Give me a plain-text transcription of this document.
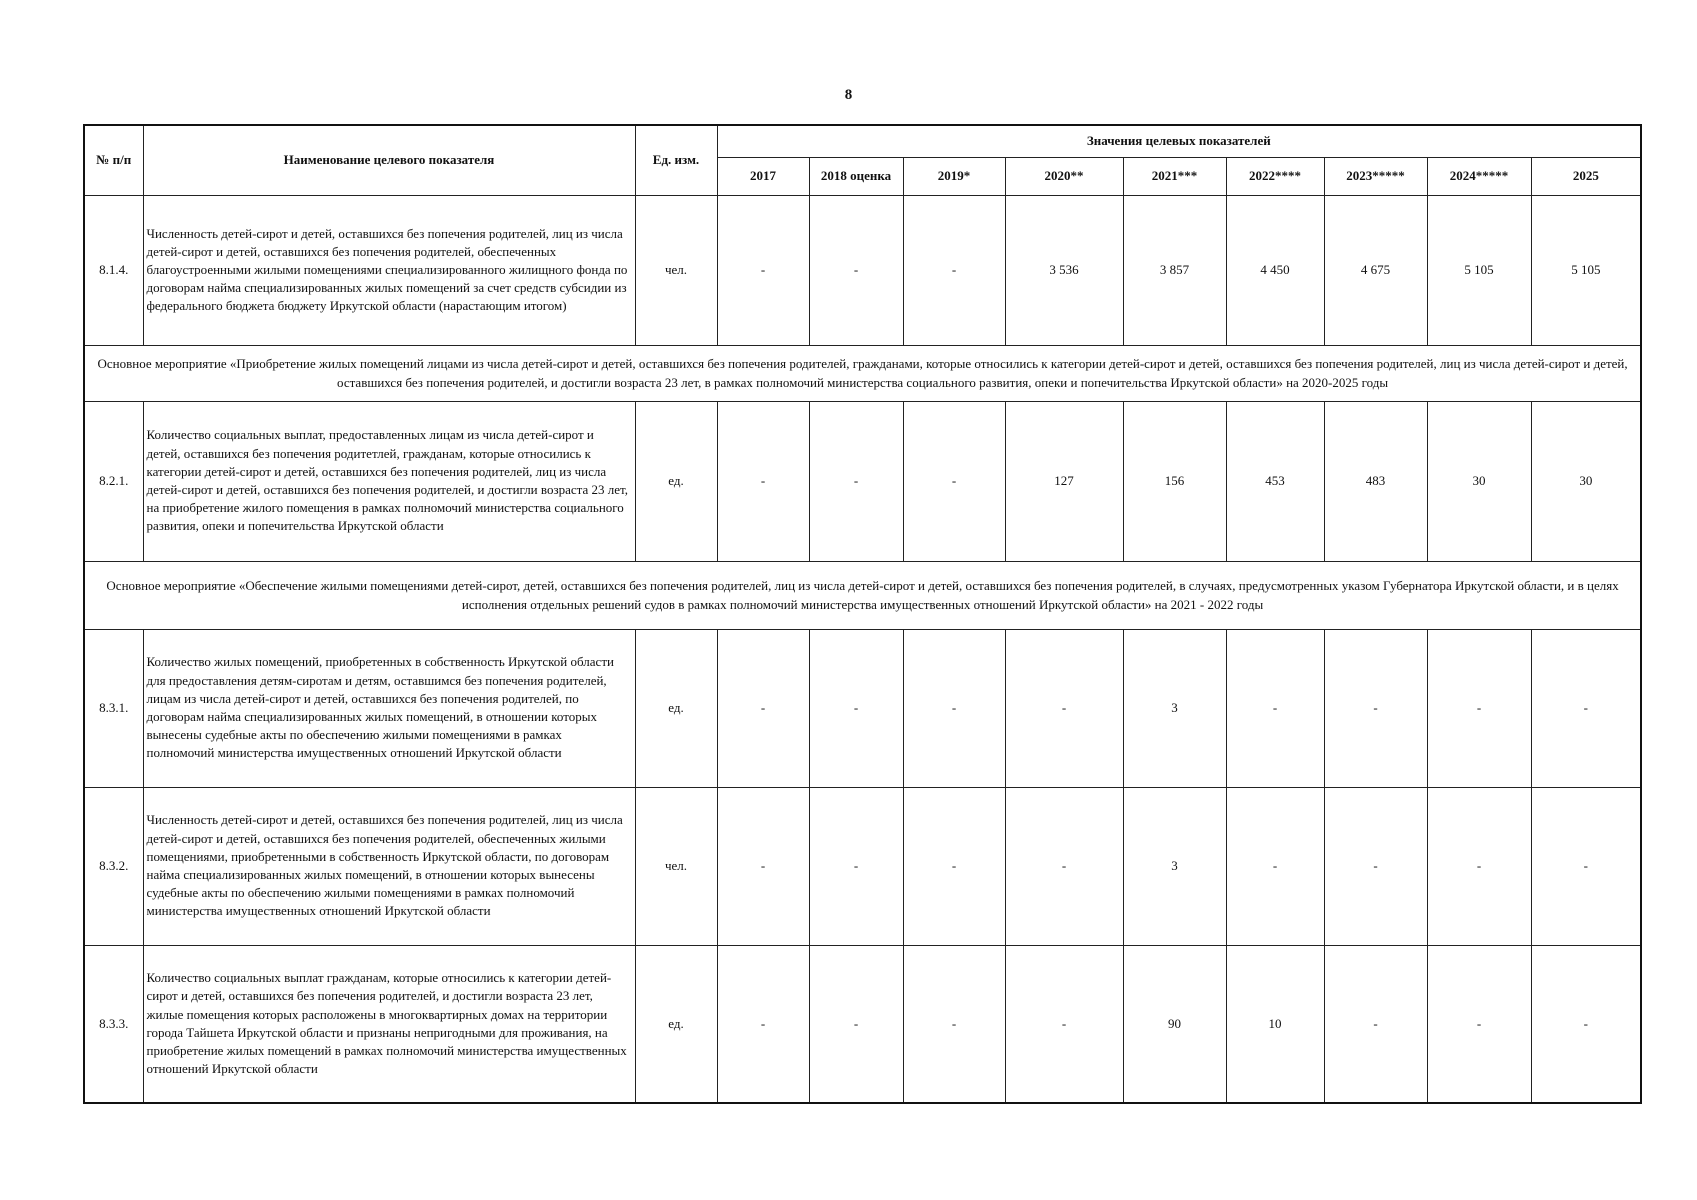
8
№ п/п	Наименование целевого показателя	Ед. изм.	Значения целевых показателей								
			2017	2018 оценка	2019*	2020**	2021***	2022****	2023*****	2024*****	2025
8.1.4.	Численность детей-сирот и детей, оставшихся без попечения родителей, лиц из числа детей-сирот и детей, оставшихся без попечения родителей, обеспеченных благоустроенными жилыми помещениями специализированного жилищного фонда по договорам найма специализированных жилых помещений за счет средств субсидии из федерального бюджета бюджету Иркутской области (нарастающим итогом)	чел.	-	-	-	3 536	3 857	4 450	4 675	5 105	5 105
Основное мероприятие «Приобретение жилых помещений лицами из числа детей-сирот и детей, оставшихся без попечения родителей, гражданами, которые относились к категории детей-сирот и детей, оставшихся без попечения родителей, лиц из числа детей-сирот и детей, оставшихся без попечения родителей, и достигли возраста 23 лет, в рамках полномочий министерства социального развития, опеки и попечительства Иркутской области» на 2020-2025 годы											
8.2.1.	Количество социальных выплат, предоставленных лицам из числа детей-сирот и детей, оставшихся без попечения родитетлей, гражданам, которые относились к категории детей-сирот и детей, оставшихся без попечения родителей, лиц из числа детей-сирот и детей, оставшихся без попечения родителей, и достигли возраста 23 лет, на приобретение жилого помещения в рамках полномочий министерства социального развития, опеки и попечительства Иркутской области	ед.	-	-	-	127	156	453	483	30	30
Основное мероприятие «Обеспечение жилыми помещениями детей-сирот, детей, оставшихся без попечения родителей, лиц из числа детей-сирот и детей, оставшихся без попечения родителей, в случаях, предусмотренных указом Губернатора Иркутской области, и в целях исполнения отдельных решений судов в рамках полномочий министерства имущественных отношений Иркутской области» на 2021 - 2022 годы											
8.3.1.	Количество жилых помещений, приобретенных в собственность Иркутской области для предоставления детям-сиротам и детям, оставшимся без попечения родителей, лицам из числа детей-сирот и детей, оставшихся без попечения родителей, по договорам найма специализированных жилых помещений, в отношении которых вынесены судебные акты по обеспечению жилыми помещениями в рамках полномочий министерства имущественных отношений Иркутской области	ед.	-	-	-	-	3	-	-	-	-
8.3.2.	Численность детей-сирот и детей, оставшихся без попечения родителей, лиц из числа детей-сирот и детей, оставшихся без попечения родителей, обеспеченных жилыми помещениями, приобретенными в собственность Иркутской области, по договорам найма специализированных жилых помещений, в отношении которых вынесены судебные акты по обеспечению жилыми помещениями в рамках полномочий министерства имущественных отношений Иркутской области	чел.	-	-	-	-	3	-	-	-	-
8.3.3.	Количество социальных выплат гражданам, которые относились к категории детей-сирот и детей, оставшихся без попечения родителей, и достигли возраста 23 лет, жилые помещения которых расположены в многоквартирных домах на территории города Тайшета Иркутской области и признаны непригодными для проживания, на приобретение жилых помещений в рамках полномочий министерства имущественных отношений Иркутской области	ед.	-	-	-	-	90	10	-	-	-
